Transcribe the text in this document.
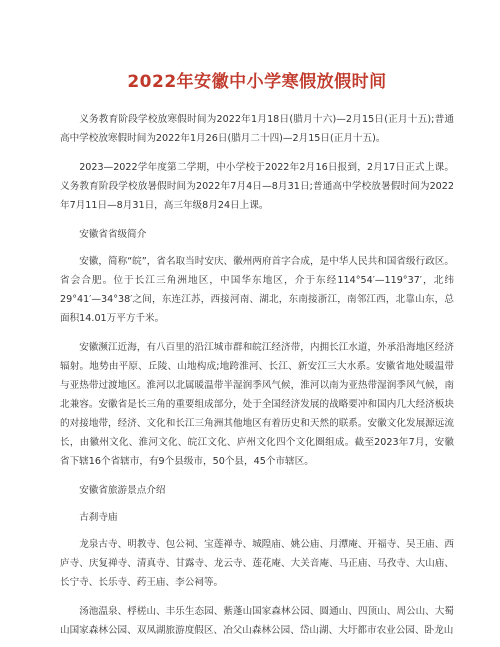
2022年安徽中小学寒假放假时间

义务教育阶段学校放寒假时间为2022年1月18日(腊月十六)—2月15日(正月十五);普通高中学校放寒假时间为2022年1月26日(腊月二十四)—2月15日(正月十五)。

2023—2022学年度第二学期，中小学校于2022年2月16日报到，2月17日正式上课。义务教育阶段学校放暑假时间为2022年7月4日—8月31日;普通高中学校放暑假时间为2022年7月11日—8月31日，高三年级8月24日上课。

安徽省省级简介

安徽，简称“皖”，省名取当时安庆、徽州两府首字合成，是中华人民共和国省级行政区。省会合肥。位于长江三角洲地区，中国华东地区，介于东经114°54′—119°37′，北纬29°41′—34°38′之间，东连江苏，西接河南、湖北，东南接浙江，南邻江西，北靠山东，总面积14.01万平方千米。

安徽濒江近海，有八百里的沿江城市群和皖江经济带，内拥长江水道，外承沿海地区经济辐射。地势由平原、丘陵、山地构成;地跨淮河、长江、新安江三大水系。安徽省地处暖温带与亚热带过渡地区。淮河以北属暖温带半湿润季风气候，淮河以南为亚热带湿润季风气候，南北兼容。安徽省是长三角的重要组成部分，处于全国经济发展的战略要冲和国内几大经济板块的对接地带，经济、文化和长江三角洲其他地区有着历史和天然的联系。安徽文化发展源远流长，由徽州文化、淮河文化、皖江文化、庐州文化四个文化圈组成。截至2023年7月，安徽省下辖16个省辖市，有9个县级市，50个县，45个市辖区。

安徽省旅游景点介绍

古刹寺庙

龙泉古寺、明教寺、包公祠、宝莲禅寺、城隍庙、姚公庙、月潭庵、开福寺、吴王庙、西庐寺、庆复禅寺、清真寺、甘露寺、龙云寺、莲花庵、大关音庵、马正庙、马孜寺、大山庙、长宁寺、长乐寺、药王庙、李公祠等。

汤池温泉、桴槎山、丰乐生态园、紫蓬山国家森林公园、圆通山、四顶山、周公山、大蜀山国家森林公园、双凤湖旅游度假区、冶父山森林公园、岱山湖、大圩都市农业公园、卧龙山
